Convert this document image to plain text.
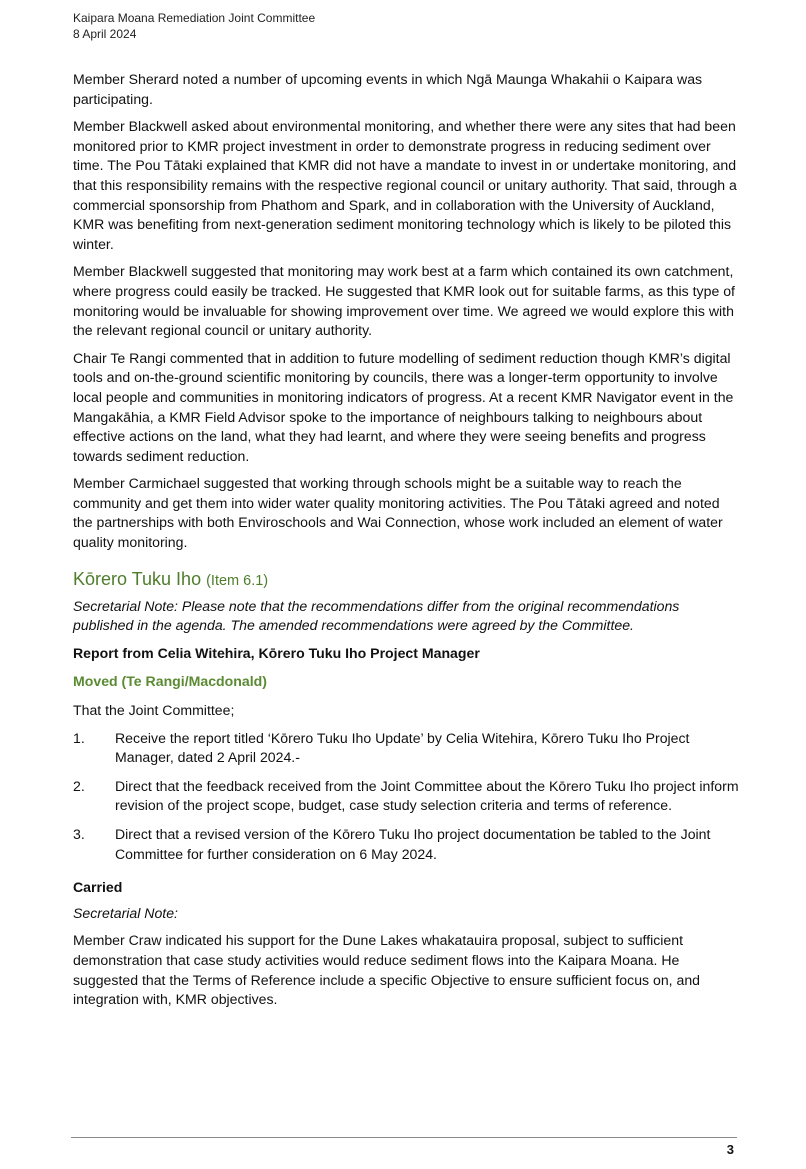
Kaipara Moana Remediation Joint Committee
8 April 2024

Member Sherard noted a number of upcoming events in which Ngā Maunga Whakahii o Kaipara was participating.

Member Blackwell asked about environmental monitoring, and whether there were any sites that had been monitored prior to KMR project investment in order to demonstrate progress in reducing sediment over time. The Pou Tātaki explained that KMR did not have a mandate to invest in or undertake monitoring, and that this responsibility remains with the respective regional council or unitary authority. That said, through a commercial sponsorship from Phathom and Spark, and in collaboration with the University of Auckland, KMR was benefiting from next-generation sediment monitoring technology which is likely to be piloted this winter.

Member Blackwell suggested that monitoring may work best at a farm which contained its own catchment, where progress could easily be tracked. He suggested that KMR look out for suitable farms, as this type of monitoring would be invaluable for showing improvement over time. We agreed we would explore this with the relevant regional council or unitary authority.

Chair Te Rangi commented that in addition to future modelling of sediment reduction though KMR’s digital tools and on-the-ground scientific monitoring by councils, there was a longer-term opportunity to involve local people and communities in monitoring indicators of progress. At a recent KMR Navigator event in the Mangakāhia, a KMR Field Advisor spoke to the importance of neighbours talking to neighbours about effective actions on the land, what they had learnt, and where they were seeing benefits and progress towards sediment reduction.

Member Carmichael suggested that working through schools might be a suitable way to reach the community and get them into wider water quality monitoring activities. The Pou Tātaki agreed and noted the partnerships with both Enviroschools and Wai Connection, whose work included an element of water quality monitoring.

Kōrero Tuku Iho (Item 6.1)

Secretarial Note: Please note that the recommendations differ from the original recommendations published in the agenda. The amended recommendations were agreed by the Committee.

Report from Celia Witehira, Kōrero Tuku Iho Project Manager

Moved (Te Rangi/Macdonald)

That the Joint Committee;

1.	Receive the report titled ‘Kōrero Tuku Iho Update’ by Celia Witehira, Kōrero Tuku Iho Project Manager, dated 2 April 2024.-
2.	Direct that the feedback received from the Joint Committee about the Kōrero Tuku Iho project inform revision of the project scope, budget, case study selection criteria and terms of reference.
3.	Direct that a revised version of the Kōrero Tuku Iho project documentation be tabled to the Joint Committee for further consideration on 6 May 2024.

Carried

Secretarial Note:

Member Craw indicated his support for the Dune Lakes whakatauira proposal, subject to sufficient demonstration that case study activities would reduce sediment flows into the Kaipara Moana. He suggested that the Terms of Reference include a specific Objective to ensure sufficient focus on, and integration with, KMR objectives.

3
